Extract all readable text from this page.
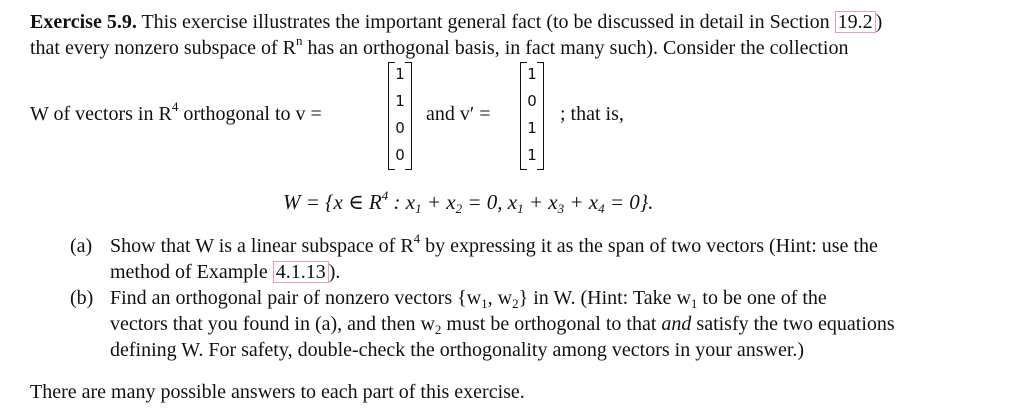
Exercise 5.9. This exercise illustrates the important general fact (to be discussed in detail in Section 19.2 )
that every nonzero subspace of $R^n$ has an orthogonal basis, in fact many such). Consider the collection
W of vectors in $R^4$ orthogonal to v =
1
1
0
0
and v′ =
1
0
1
1
; that is,
W = {x ∈ $R^4$ : $x_1 + x_2 = 0$, $x_1 + x_3 + x_4 = 0$}.
(a) Show that W is a linear subspace of $R^4$ by expressing it as the span of two vectors (Hint: use the
method of Example 4.1.13 ).
(b) Find an orthogonal pair of nonzero vectors {$w_1$, $w_2$} in W. (Hint: Take $w_1$ to be one of the
vectors that you found in (a), and then $w_2$ must be orthogonal to that and satisfy the two equations
defining W. For safety, double-check the orthogonality among vectors in your answer.)
There are many possible answers to each part of this exercise.
